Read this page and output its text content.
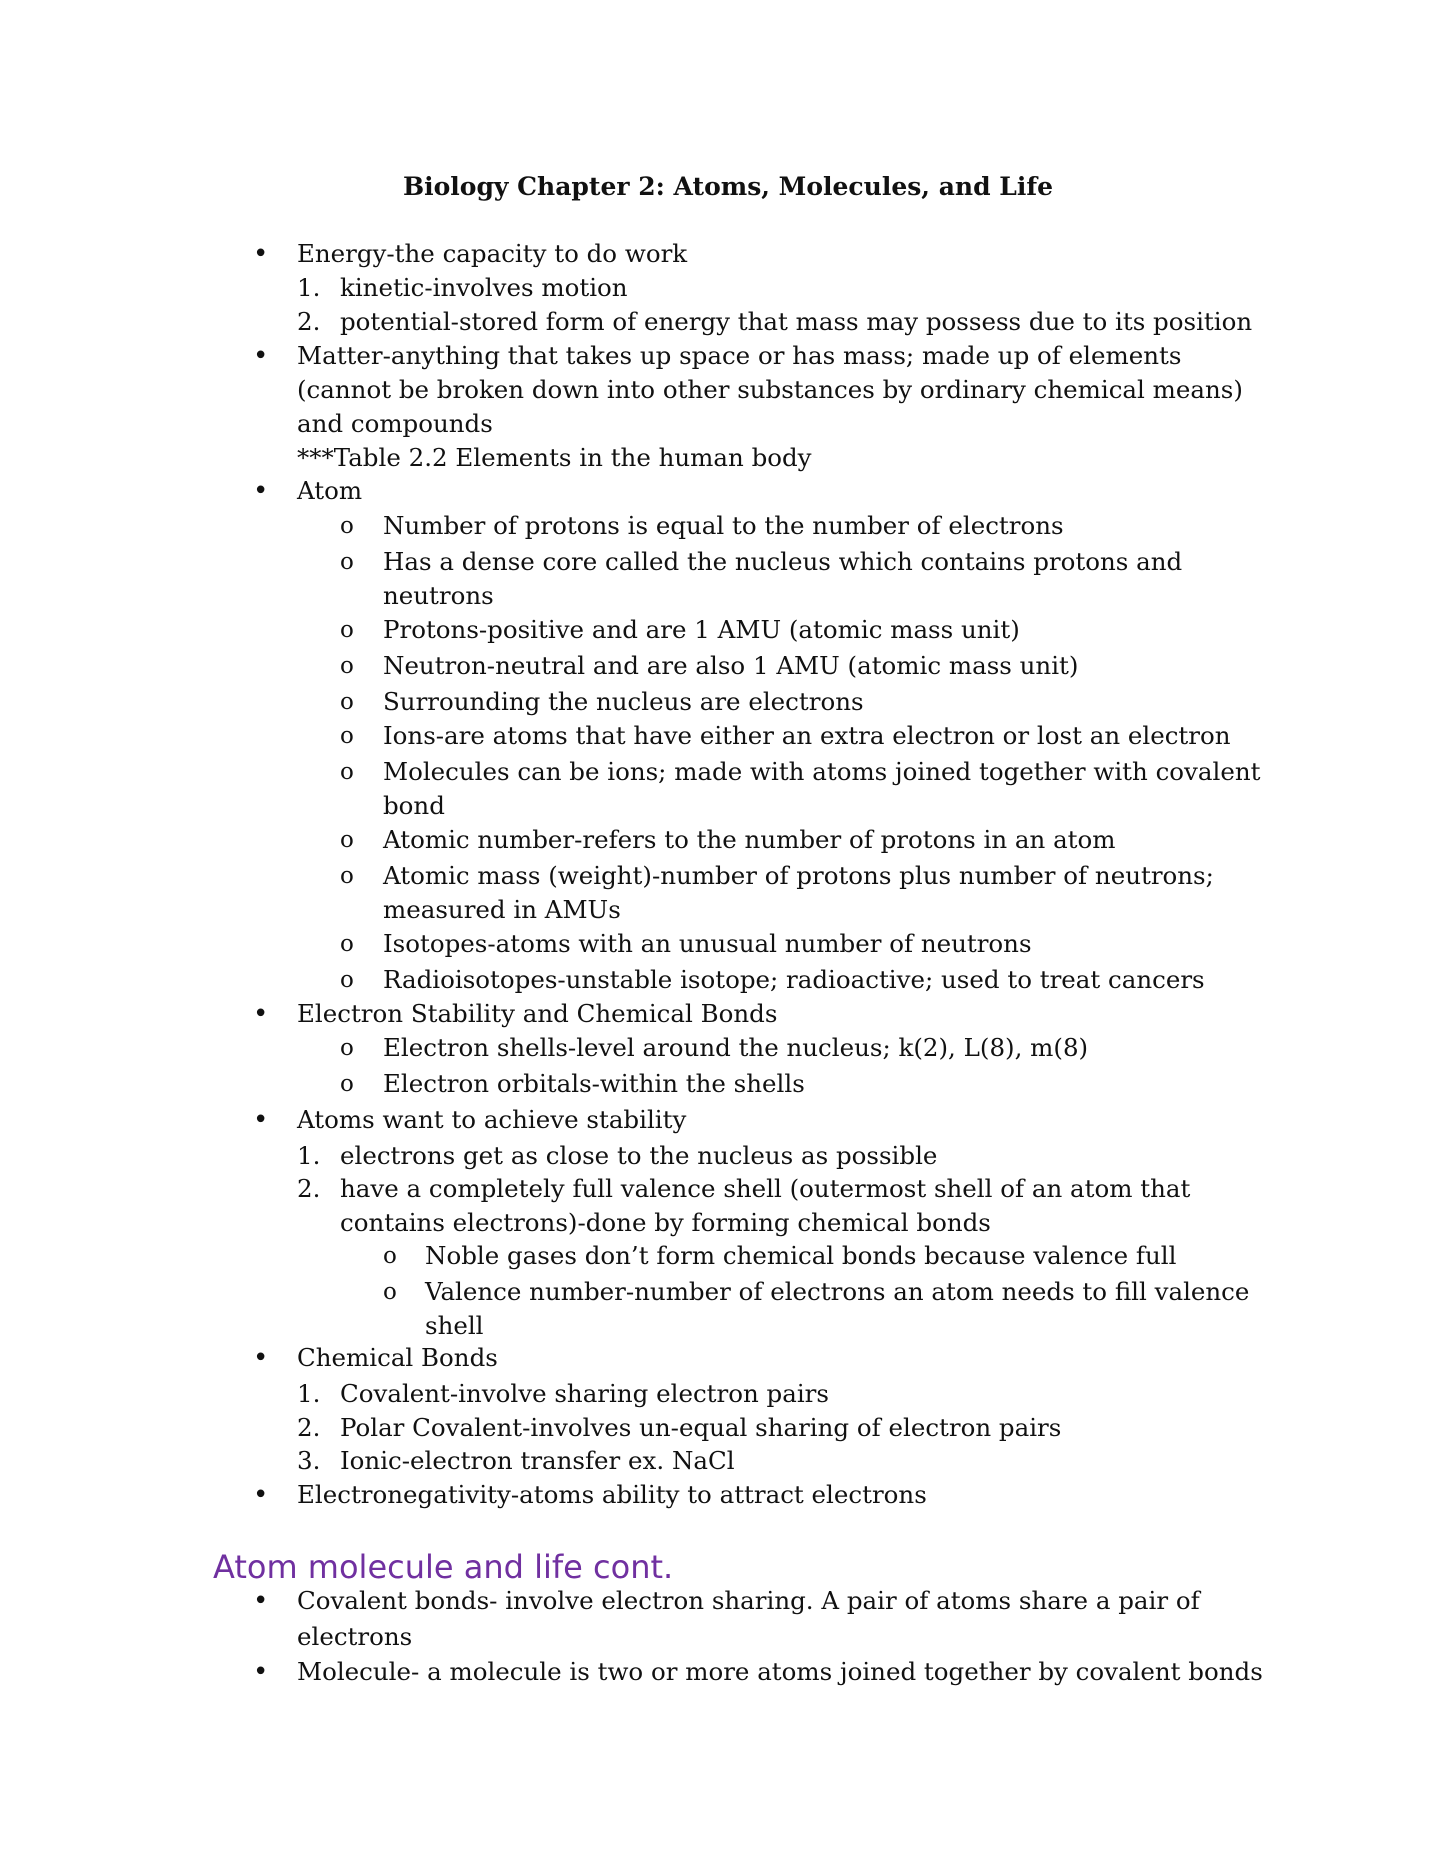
Biology Chapter 2: Atoms, Molecules, and Life
• Energy-the capacity to do work
1. kinetic-involves motion
2. potential-stored form of energy that mass may possess due to its position
• Matter-anything that takes up space or has mass; made up of elements
(cannot be broken down into other substances by ordinary chemical means)
and compounds
***Table 2.2 Elements in the human body
• Atom
o Number of protons is equal to the number of electrons
o Has a dense core called the nucleus which contains protons and
neutrons
o Protons-positive and are 1 AMU (atomic mass unit)
o Neutron-neutral and are also 1 AMU (atomic mass unit)
o Surrounding the nucleus are electrons
o Ions-are atoms that have either an extra electron or lost an electron
o Molecules can be ions; made with atoms joined together with covalent
bond
o Atomic number-refers to the number of protons in an atom
o Atomic mass (weight)-number of protons plus number of neutrons;
measured in AMUs
o Isotopes-atoms with an unusual number of neutrons
o Radioisotopes-unstable isotope; radioactive; used to treat cancers
• Electron Stability and Chemical Bonds
o Electron shells-level around the nucleus; k(2), L(8), m(8)
o Electron orbitals-within the shells
• Atoms want to achieve stability
1. electrons get as close to the nucleus as possible
2. have a completely full valence shell (outermost shell of an atom that
contains electrons)-done by forming chemical bonds
o Noble gases don’t form chemical bonds because valence full
o Valence number-number of electrons an atom needs to fill valence
shell
• Chemical Bonds
1. Covalent-involve sharing electron pairs
2. Polar Covalent-involves un-equal sharing of electron pairs
3. Ionic-electron transfer ex. NaCl
• Electronegativity-atoms ability to attract electrons
Atom molecule and life cont.
• Covalent bonds- involve electron sharing. A pair of atoms share a pair of
electrons
• Molecule- a molecule is two or more atoms joined together by covalent bonds
